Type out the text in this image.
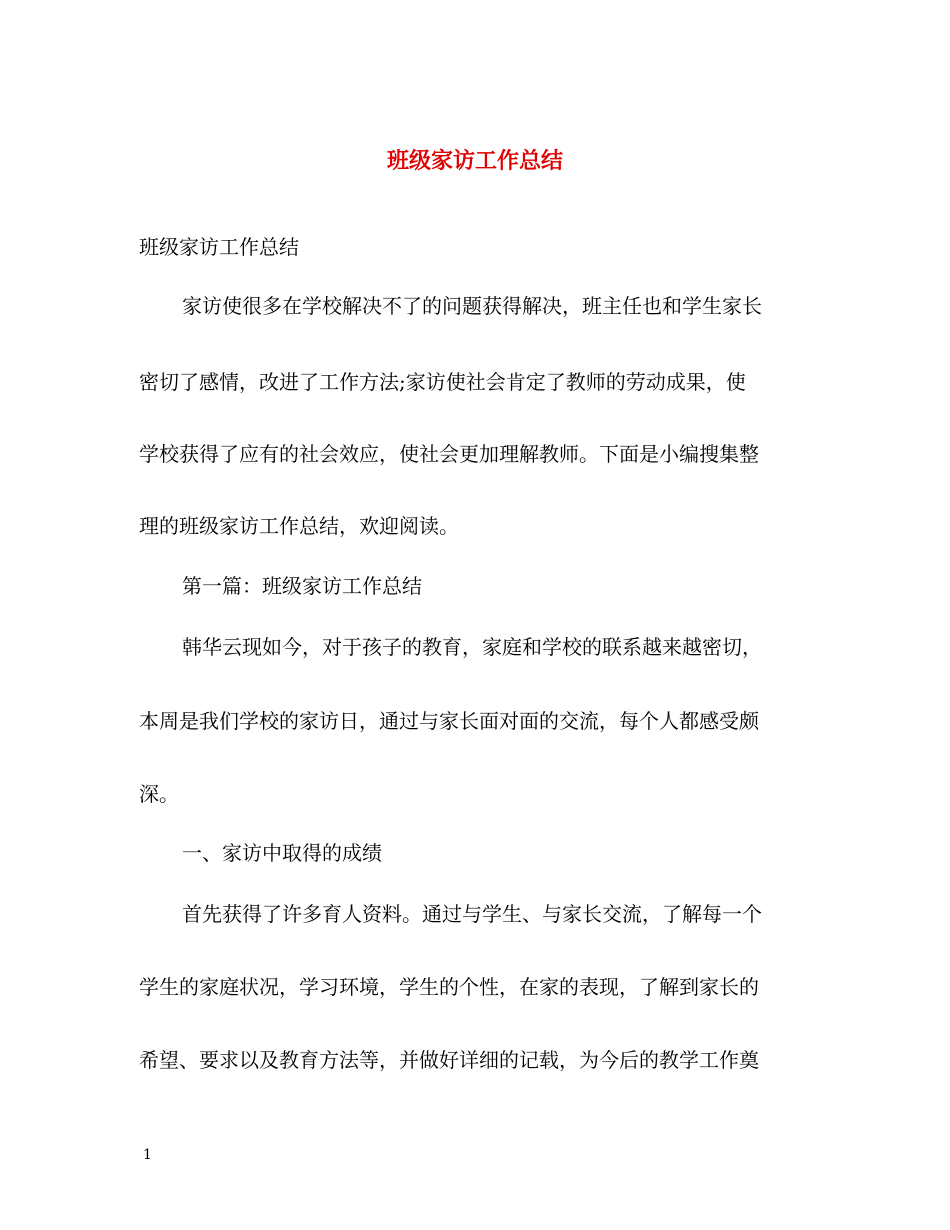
班级家访工作总结
班级家访工作总结
家访使很多在学校解决不了的问题获得解决，班主任也和学生家长
密切了感情，改进了工作方法;家访使社会肯定了教师的劳动成果，使
学校获得了应有的社会效应，使社会更加理解教师。下面是小编搜集整
理的班级家访工作总结，欢迎阅读。
第一篇：班级家访工作总结
韩华云现如今，对于孩子的教育，家庭和学校的联系越来越密切，
本周是我们学校的家访日，通过与家长面对面的交流，每个人都感受颇
深。
一、家访中取得的成绩
首先获得了许多育人资料。通过与学生、与家长交流，了解每一个
学生的家庭状况，学习环境，学生的个性，在家的表现，了解到家长的
希望、要求以及教育方法等，并做好详细的记载，为今后的教学工作奠
1
